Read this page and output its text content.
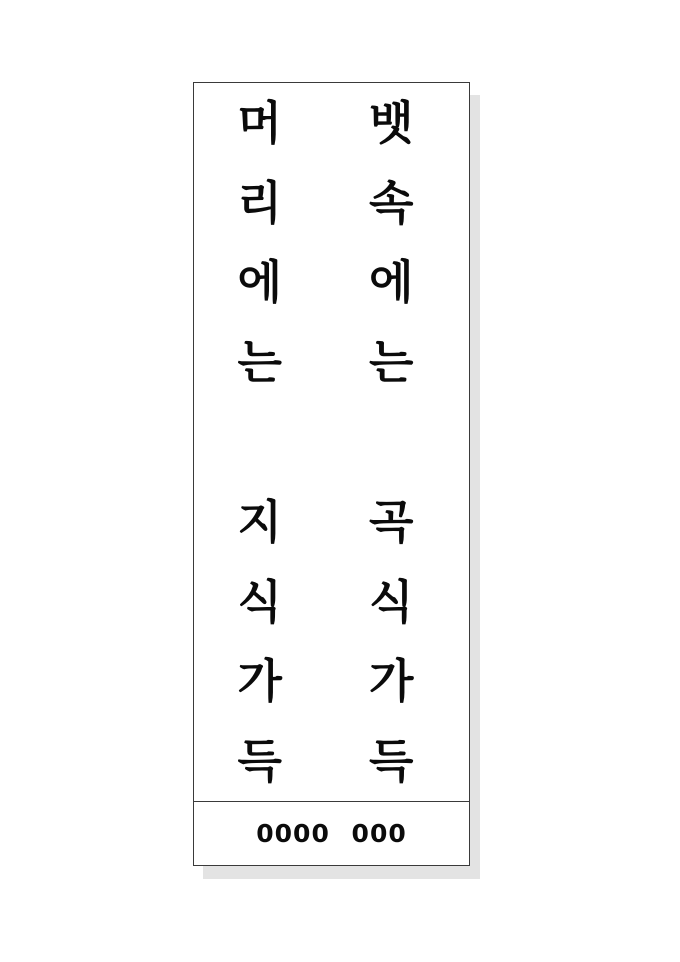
머
리
에
는
지
식
가
득
뱃
속
에
는
곡
식
가
득
0000 000
